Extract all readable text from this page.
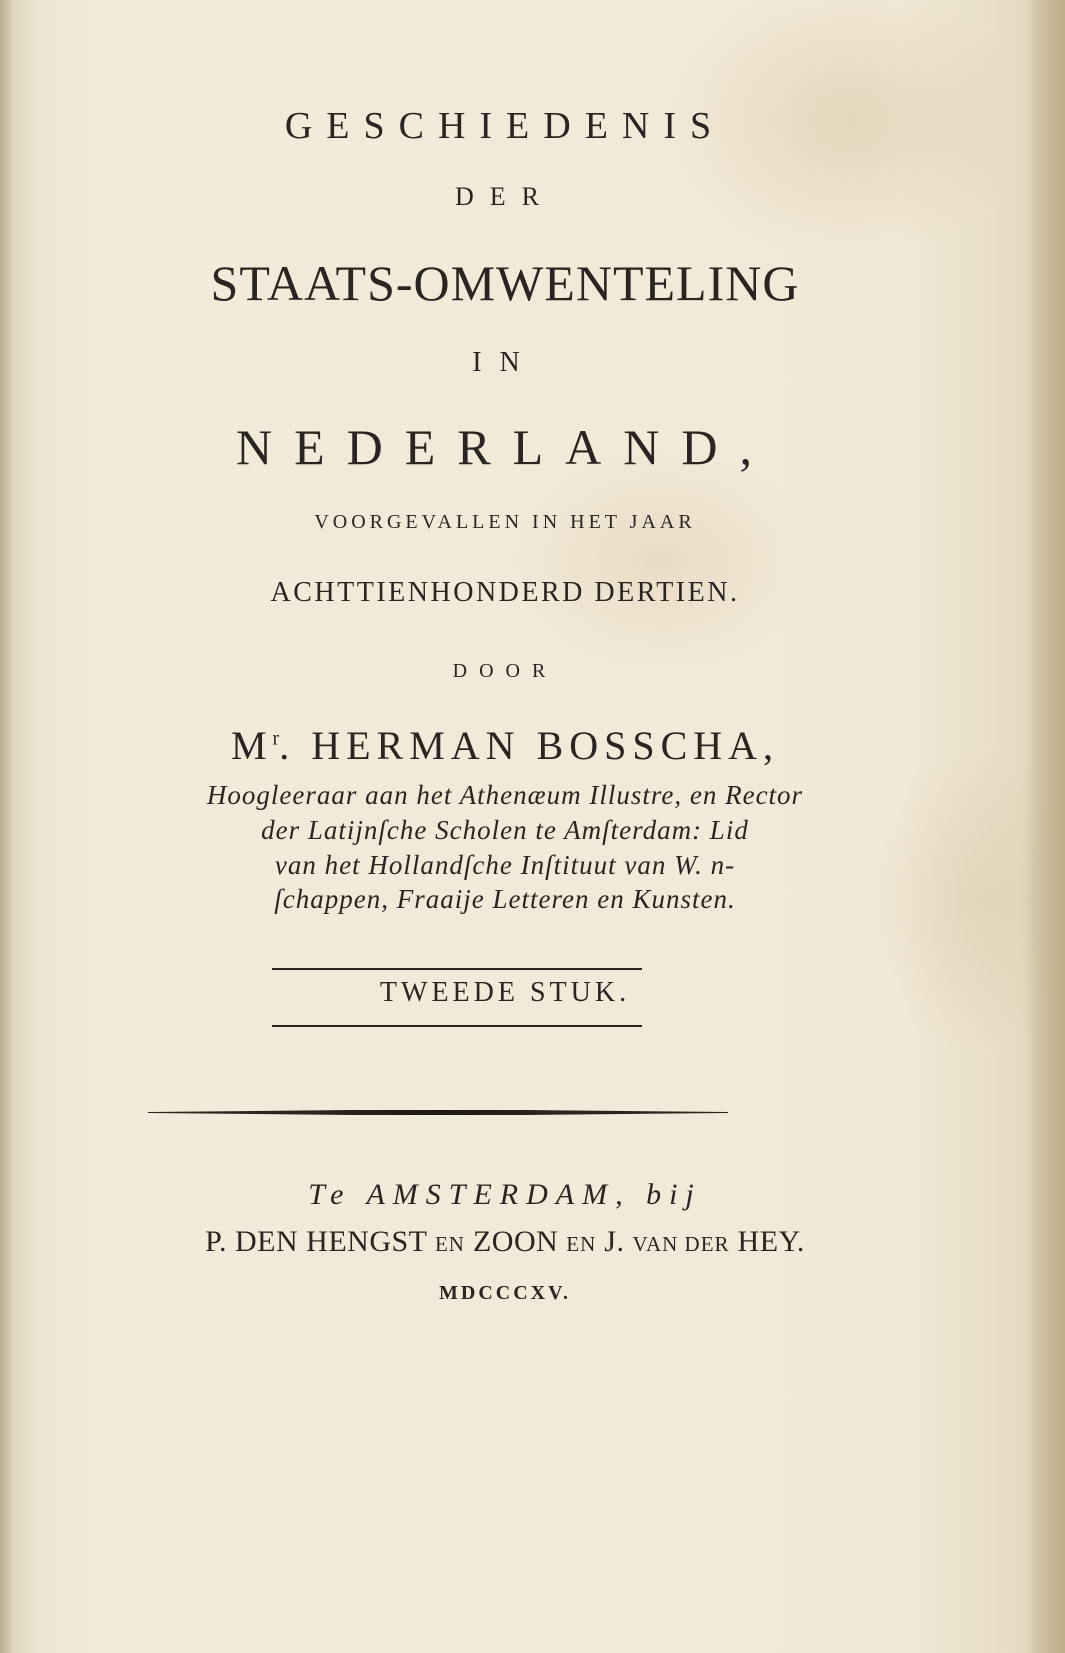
GESCHIEDENIS
DER
STAATS-OMWENTELING
IN
NEDERLAND,
VOORGEVALLEN IN HET JAAR
ACHTTIENHONDERD DERTIEN.
DOOR
$M^r$. HERMAN BOSSCHA,
Hoogleeraar aan het Athenæum Illustre, en Rector
der Latijnſche Scholen te Amſterdam: Lid
van het Hollandſche Inſtituut van W. n-
ſchappen, Fraaije Letteren en Kunsten.
TWEEDE STUK.
Te AMSTERDAM, bij
P. DEN HENGST EN ZOON EN J. VAN DER HEY.
MDCCCXV.
